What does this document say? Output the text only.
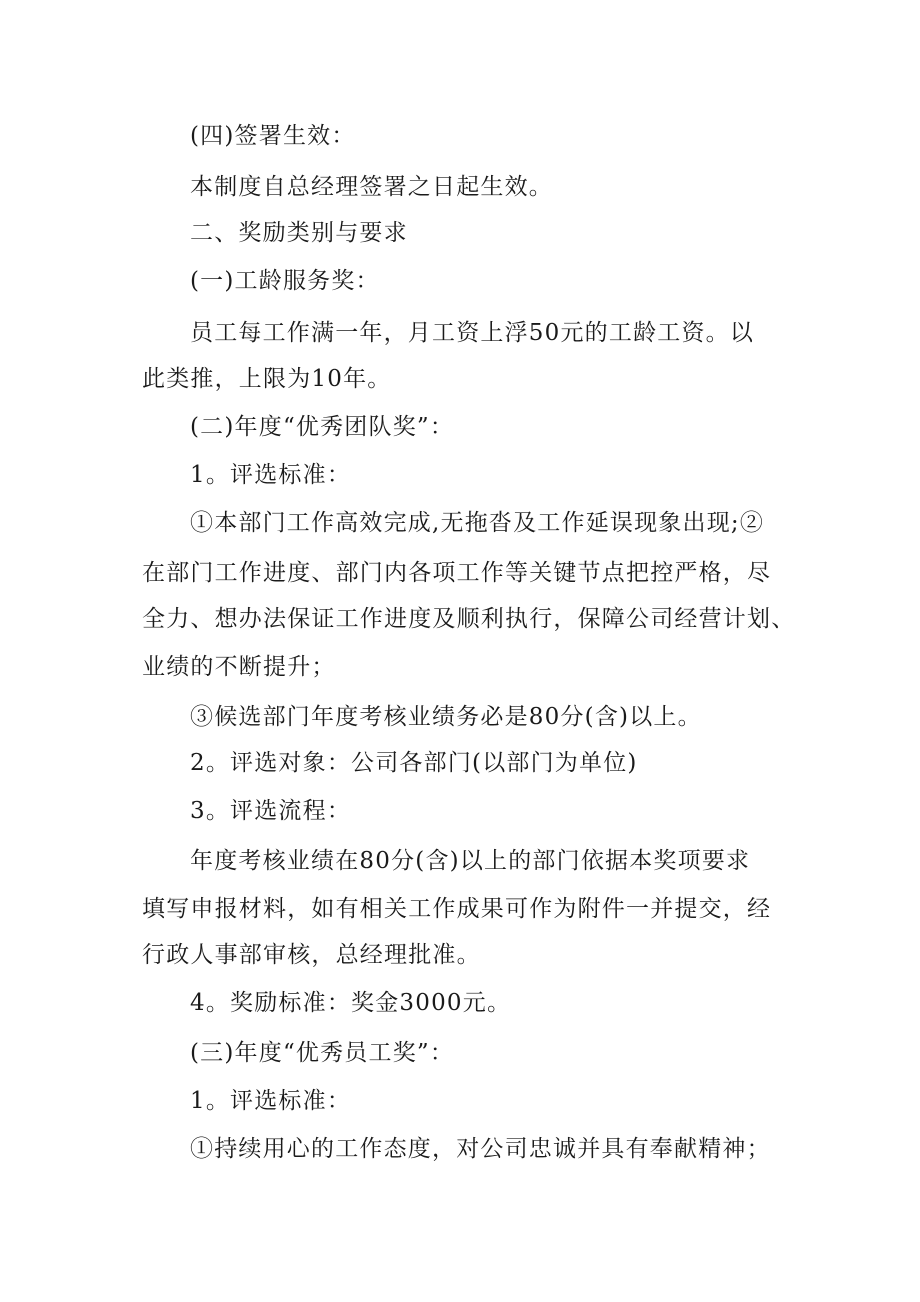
(四)签署生效：
本制度自总经理签署之日起生效。
二、奖励类别与要求
(一)工龄服务奖：
员工每工作满一年，月工资上浮50元的工龄工资。以
此类推，上限为10年。
(二)年度“优秀团队奖”：
1。评选标准：
①本部门工作高效完成,无拖沓及工作延误现象出现;②
在部门工作进度、部门内各项工作等关键节点把控严格，尽
全力、想办法保证工作进度及顺利执行，保障公司经营计划、
业绩的不断提升；
③候选部门年度考核业绩务必是80分(含)以上。
2。评选对象：公司各部门(以部门为单位)
3。评选流程：
年度考核业绩在80分(含)以上的部门依据本奖项要求
填写申报材料，如有相关工作成果可作为附件一并提交，经
行政人事部审核，总经理批准。
4。奖励标准：奖金3000元。
(三)年度“优秀员工奖”：
1。评选标准：
①持续用心的工作态度，对公司忠诚并具有奉献精神；
